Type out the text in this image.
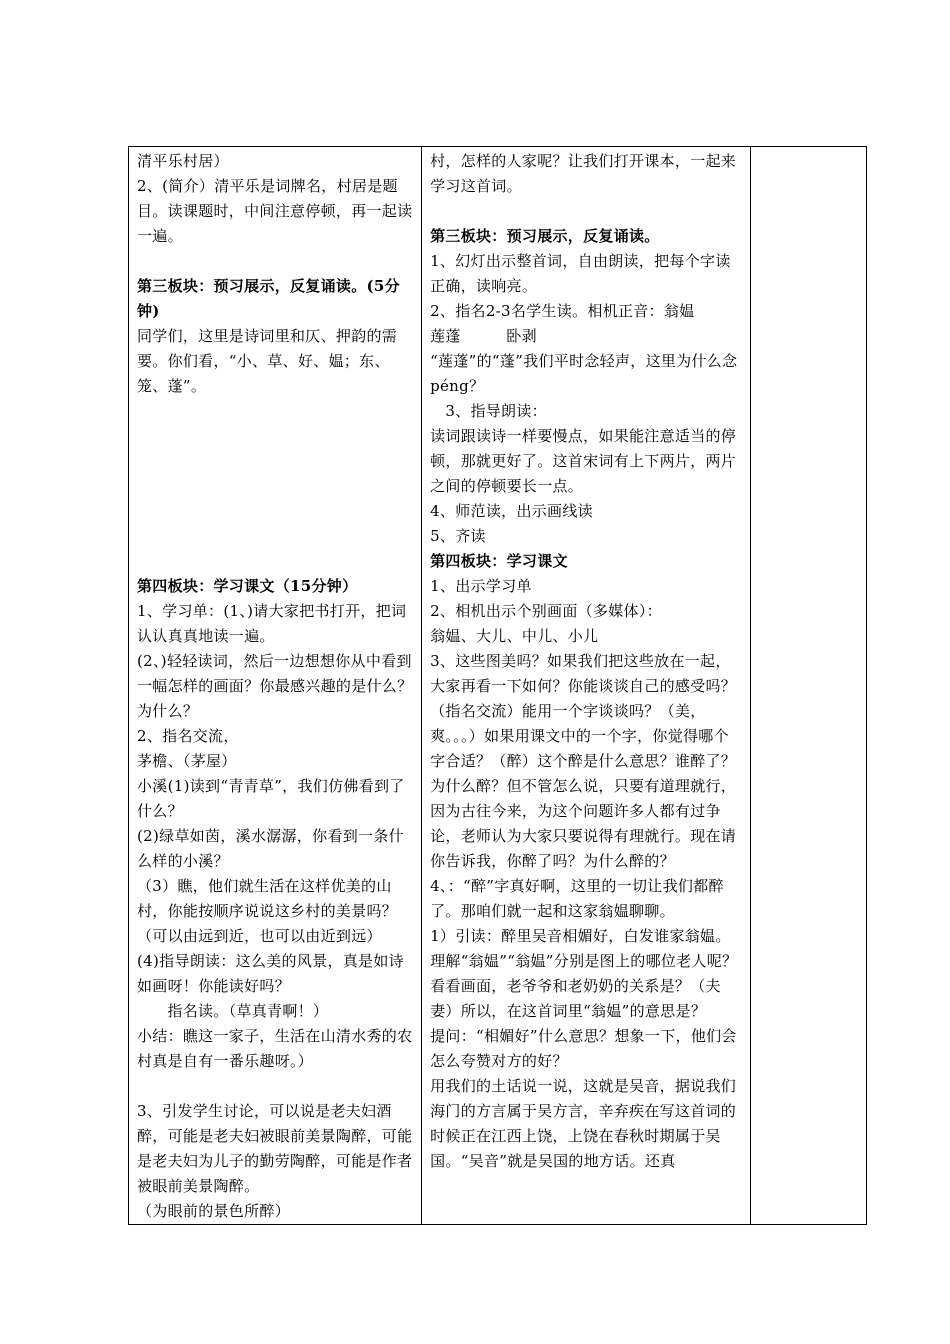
清平乐村居）

2、(简介）清平乐是词牌名，村居是题目。读课题时，中间注意停顿，再一起读一遍。

第三板块：预习展示，反复诵读。(5分钟)

同学们，这里是诗词里和仄、押韵的需要。你们看，“小、草、好、媪；东、笼、蓬”。

第四板块：学习课文（15分钟）

1、学习单：(1、)请大家把书打开，把词认认真真地读一遍。

(2、)轻轻读词，然后一边想想你从中看到一幅怎样的画面？你最感兴趣的是什么？为什么？

2、指名交流，

茅檐、（茅屋）

小溪(1)读到“青青草”，我们仿佛看到了什么？

(2)绿草如茵，溪水潺潺，你看到一条什么样的小溪？

（3）瞧，他们就生活在这样优美的山村，你能按顺序说说这乡村的美景吗？（可以由远到近，也可以由近到远）

(4)指导朗读：这么美的风景，真是如诗如画呀！你能读好吗？

指名读。（草真青啊！）

小结：瞧这一家子，生活在山清水秀的农村真是自有一番乐趣呀。）

3、引发学生讨论，可以说是老夫妇酒醉，可能是老夫妇被眼前美景陶醉，可能是老夫妇为儿子的勤劳陶醉，可能是作者被眼前美景陶醉。

（为眼前的景色所醉）

村，怎样的人家呢？让我们打开课本，一起来学习这首词。

第三板块：预习展示，反复诵读。

1、幻灯出示整首词，自由朗读，把每个字读正确，读响亮。

2、指名2-3名学生读。相机正音：翁媪

莲蓬         卧剥

“莲蓬”的“蓬”我们平时念轻声，这里为什么念péng？

3、指导朗读：

读词跟读诗一样要慢点，如果能注意适当的停顿，那就更好了。这首宋词有上下两片，两片之间的停顿要长一点。

4、师范读，出示画线读

5、齐读

第四板块：学习课文

1、出示学习单

2、相机出示个别画面（多媒体）：

翁媪、大儿、中儿、小儿

3、这些图美吗？如果我们把这些放在一起，大家再看一下如何？你能谈谈自己的感受吗？（指名交流）能用一个字谈谈吗？（美，爽。。。）如果用课文中的一个字，你觉得哪个字合适？（醉）这个醉是什么意思？谁醉了？为什么醉？但不管怎么说，只要有道理就行，因为古往今来，为这个问题许多人都有过争论，老师认为大家只要说得有理就行。现在请你告诉我，你醉了吗？为什么醉的？

4、：“醉”字真好啊，这里的一切让我们都醉了。那咱们就一起和这家翁媪聊聊。

1）引读：醉里吴音相媚好，白发谁家翁媪。理解“翁媪”“翁媪”分别是图上的哪位老人呢？看看画面，老爷爷和老奶奶的关系是？（夫妻）所以，在这首词里“翁媪”的意思是？

提问：“相媚好”什么意思？想象一下，他们会怎么夸赞对方的好？

用我们的土话说一说，这就是吴音，据说我们海门的方言属于吴方言，辛弃疾在写这首词的时候正在江西上饶，上饶在春秋时期属于吴国。“吴音”就是吴国的地方话。还真
